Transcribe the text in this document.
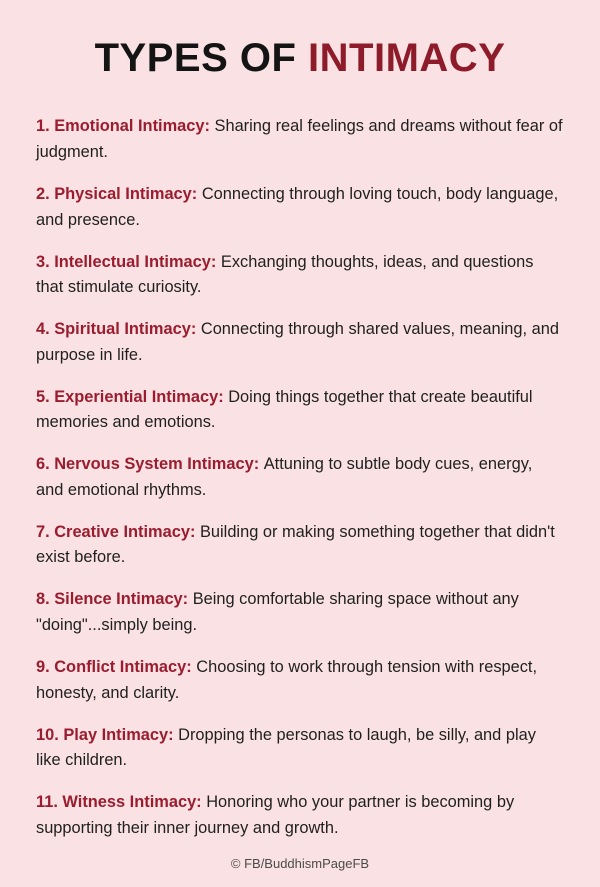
TYPES OF INTIMACY

1. Emotional Intimacy: Sharing real feelings and dreams without fear of judgment.

2. Physical Intimacy: Connecting through loving touch, body language, and presence.

3. Intellectual Intimacy: Exchanging thoughts, ideas, and questions that stimulate curiosity.

4. Spiritual Intimacy: Connecting through shared values, meaning, and purpose in life.

5. Experiential Intimacy: Doing things together that create beautiful memories and emotions.

6. Nervous System Intimacy: Attuning to subtle body cues, energy, and emotional rhythms.

7. Creative Intimacy: Building or making something together that didn't exist before.

8. Silence Intimacy: Being comfortable sharing space without any "doing"...simply being.

9. Conflict Intimacy: Choosing to work through tension with respect, honesty, and clarity.

10. Play Intimacy: Dropping the personas to laugh, be silly, and play like children.

11. Witness Intimacy: Honoring who your partner is becoming by supporting their inner journey and growth.

© FB/BuddhismPageFB
